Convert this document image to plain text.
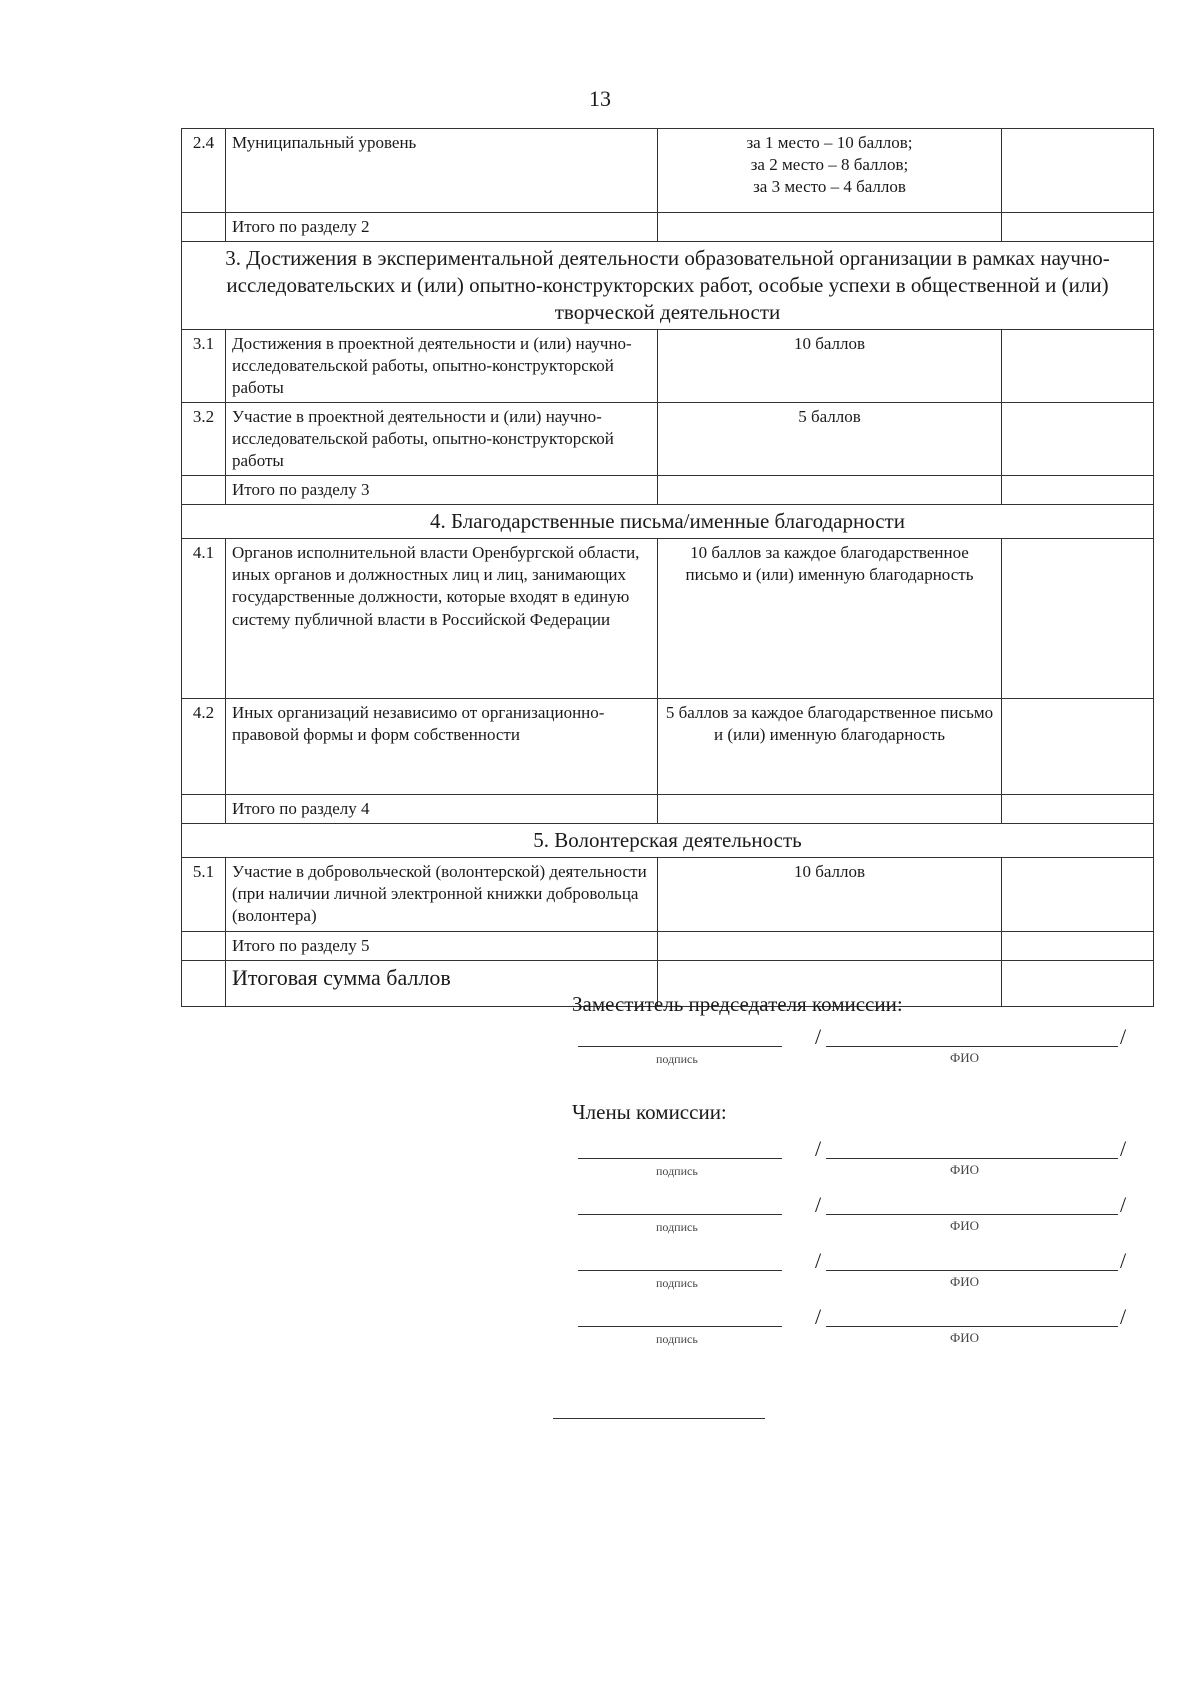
13
2.4	Муниципальный уровень	за 1 место – 10 баллов;
за 2 место – 8 баллов;
за 3 место – 4 баллов	

	Итого по разделу 2		
3. Достижения в экспериментальной деятельности образовательной организации в рамках научно-исследовательских и (или) опытно-конструкторских работ, особые успехи в общественной и (или) творческой деятельности			
3.1	Достижения в проектной деятельности и (или) научно-исследовательской работы, опытно-конструкторской работы	10 баллов	
3.2	Участие в проектной деятельности и (или) научно-исследовательской работы, опытно-конструкторской работы	5 баллов	
	Итого по разделу 3		
4. Благодарственные письма/именные благодарности			
4.1	Органов исполнительной власти Оренбургской области, иных органов и должностных лиц и лиц, занимающих государственные должности, которые входят в единую систему публичной власти в Российской Федерации	10 баллов за каждое благодарственное письмо и (или) именную благодарность	
4.2	Иных организаций независимо от организационно-правовой формы и форм собственности	5 баллов за каждое благодарственное письмо и (или) именную благодарность	
	Итого по разделу 4		
5. Волонтерская деятельность			
5.1	Участие в добровольческой (волонтерской) деятельности (при наличии личной электронной книжки добровольца (волонтера)	10 баллов	
	Итого по разделу 5		
	Итоговая сумма баллов		
Заместитель председателя комиссии:
/	/
подпись	ФИО
Члены комиссии:
/	/
подпись	ФИО
/	/
подпись	ФИО
/	/
подпись	ФИО
/	/
подпись	ФИО
